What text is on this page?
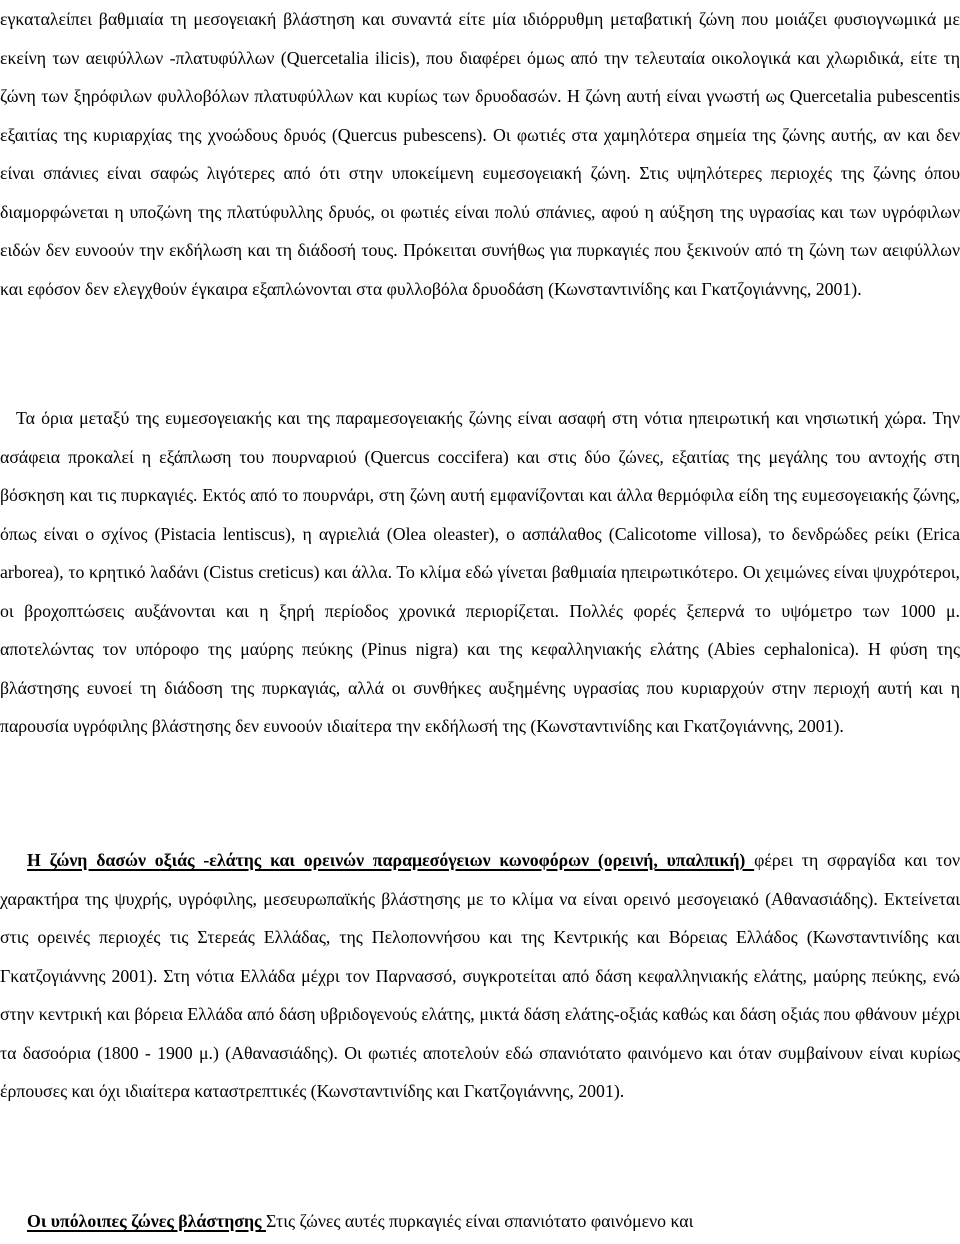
εγκαταλείπει βαθμιαία τη μεσογειακή βλάστηση και συναντά είτε μία ιδιόρρυθμη μεταβατική ζώνη που μοιάζει φυσιογνωμικά με εκείνη των αειφύλλων -πλατυφύλλων (Quercetalia ilicis), που διαφέρει όμως από την τελευταία οικολογικά και χλωριδικά, είτε τη ζώνη των ξηρόφιλων φυλλοβόλων πλατυφύλλων και κυρίως των δρυοδασών. Η ζώνη αυτή είναι γνωστή ως Quercetalia pubescentis εξαιτίας της κυριαρχίας της χνοώδους δρυός (Quercus pubescens). Οι φωτιές στα χαμηλότερα σημεία της ζώνης αυτής, αν και δεν είναι σπάνιες είναι σαφώς λιγότερες από ότι στην υποκείμενη ευμεσογειακή ζώνη. Στις υψηλότερες περιοχές της ζώνης όπου διαμορφώνεται η υποζώνη της πλατύφυλλης δρυός, οι φωτιές είναι πολύ σπάνιες, αφού η αύξηση της υγρασίας και των υγρόφιλων ειδών δεν ευνοούν την εκδήλωση και τη διάδοσή τους. Πρόκειται συνήθως για πυρκαγιές που ξεκινούν από τη ζώνη των αειφύλλων και εφόσον δεν ελεγχθούν έγκαιρα εξαπλώνονται στα φυλλοβόλα δρυοδάση (Κωνσταντινίδης και Γκατζογιάννης, 2001).

Τα όρια μεταξύ της ευμεσογειακής και της παραμεσογειακής ζώνης είναι ασαφή στη νότια ηπειρωτική και νησιωτική χώρα. Την ασάφεια προκαλεί η εξάπλωση του πουρναριού (Quercus coccifera) και στις δύο ζώνες, εξαιτίας της μεγάλης του αντοχής στη βόσκηση και τις πυρκαγιές. Εκτός από το πουρνάρι, στη ζώνη αυτή εμφανίζονται και άλλα θερμόφιλα είδη της ευμεσογειακής ζώνης, όπως είναι ο σχίνος (Pistacia lentiscus), η αγριελιά (Olea oleaster), ο ασπάλαθος (Calicotome villosa), το δενδρώδες ρείκι (Erica arborea), το κρητικό λαδάνι (Cistus creticus) και άλλα. Το κλίμα εδώ γίνεται βαθμιαία ηπειρωτικότερο. Οι χειμώνες είναι ψυχρότεροι, οι βροχοπτώσεις αυξάνονται και η ξηρή περίοδος χρονικά περιορίζεται. Πολλές φορές ξεπερνά το υψόμετρο των 1000 μ. αποτελώντας τον υπόροφο της μαύρης πεύκης (Pinus nigra) και της κεφαλληνιακής ελάτης (Abies cephalonica). Η φύση της βλάστησης ευνοεί τη διάδοση της πυρκαγιάς, αλλά οι συνθήκες αυξημένης υγρασίας που κυριαρχούν στην περιοχή αυτή και η παρουσία υγρόφιλης βλάστησης δεν ευνοούν ιδιαίτερα την εκδήλωσή της (Κωνσταντινίδης και Γκατζογιάννης, 2001).

Η ζώνη δασών οξιάς -ελάτης και ορεινών παραμεσόγειων κωνοφόρων (ορεινή, υπαλπική) φέρει τη σφραγίδα και τον χαρακτήρα της ψυχρής, υγρόφιλης, μεσευρωπαϊκής βλάστησης με το κλίμα να είναι ορεινό μεσογειακό (Αθανασιάδης). Εκτείνεται στις ορεινές περιοχές τις Στερεάς Ελλάδας, της Πελοποννήσου και της Κεντρικής και Βόρειας Ελλάδος (Κωνσταντινίδης και Γκατζογιάννης 2001). Στη νότια Ελλάδα μέχρι τον Παρνασσό, συγκροτείται από δάση κεφαλληνιακής ελάτης, μαύρης πεύκης, ενώ στην κεντρική και βόρεια Ελλάδα από δάση υβριδογενούς ελάτης, μικτά δάση ελάτης-οξιάς καθώς και δάση οξιάς που φθάνουν μέχρι τα δασοόρια (1800 - 1900 μ.) (Αθανασιάδης). Οι φωτιές αποτελούν εδώ σπανιότατο φαινόμενο και όταν συμβαίνουν είναι κυρίως έρπουσες και όχι ιδιαίτερα καταστρεπτικές (Κωνσταντινίδης και Γκατζογιάννης, 2001).

Οι υπόλοιπες ζώνες βλάστησης Στις ζώνες αυτές πυρκαγιές είναι σπανιότατο φαινόμενο και
